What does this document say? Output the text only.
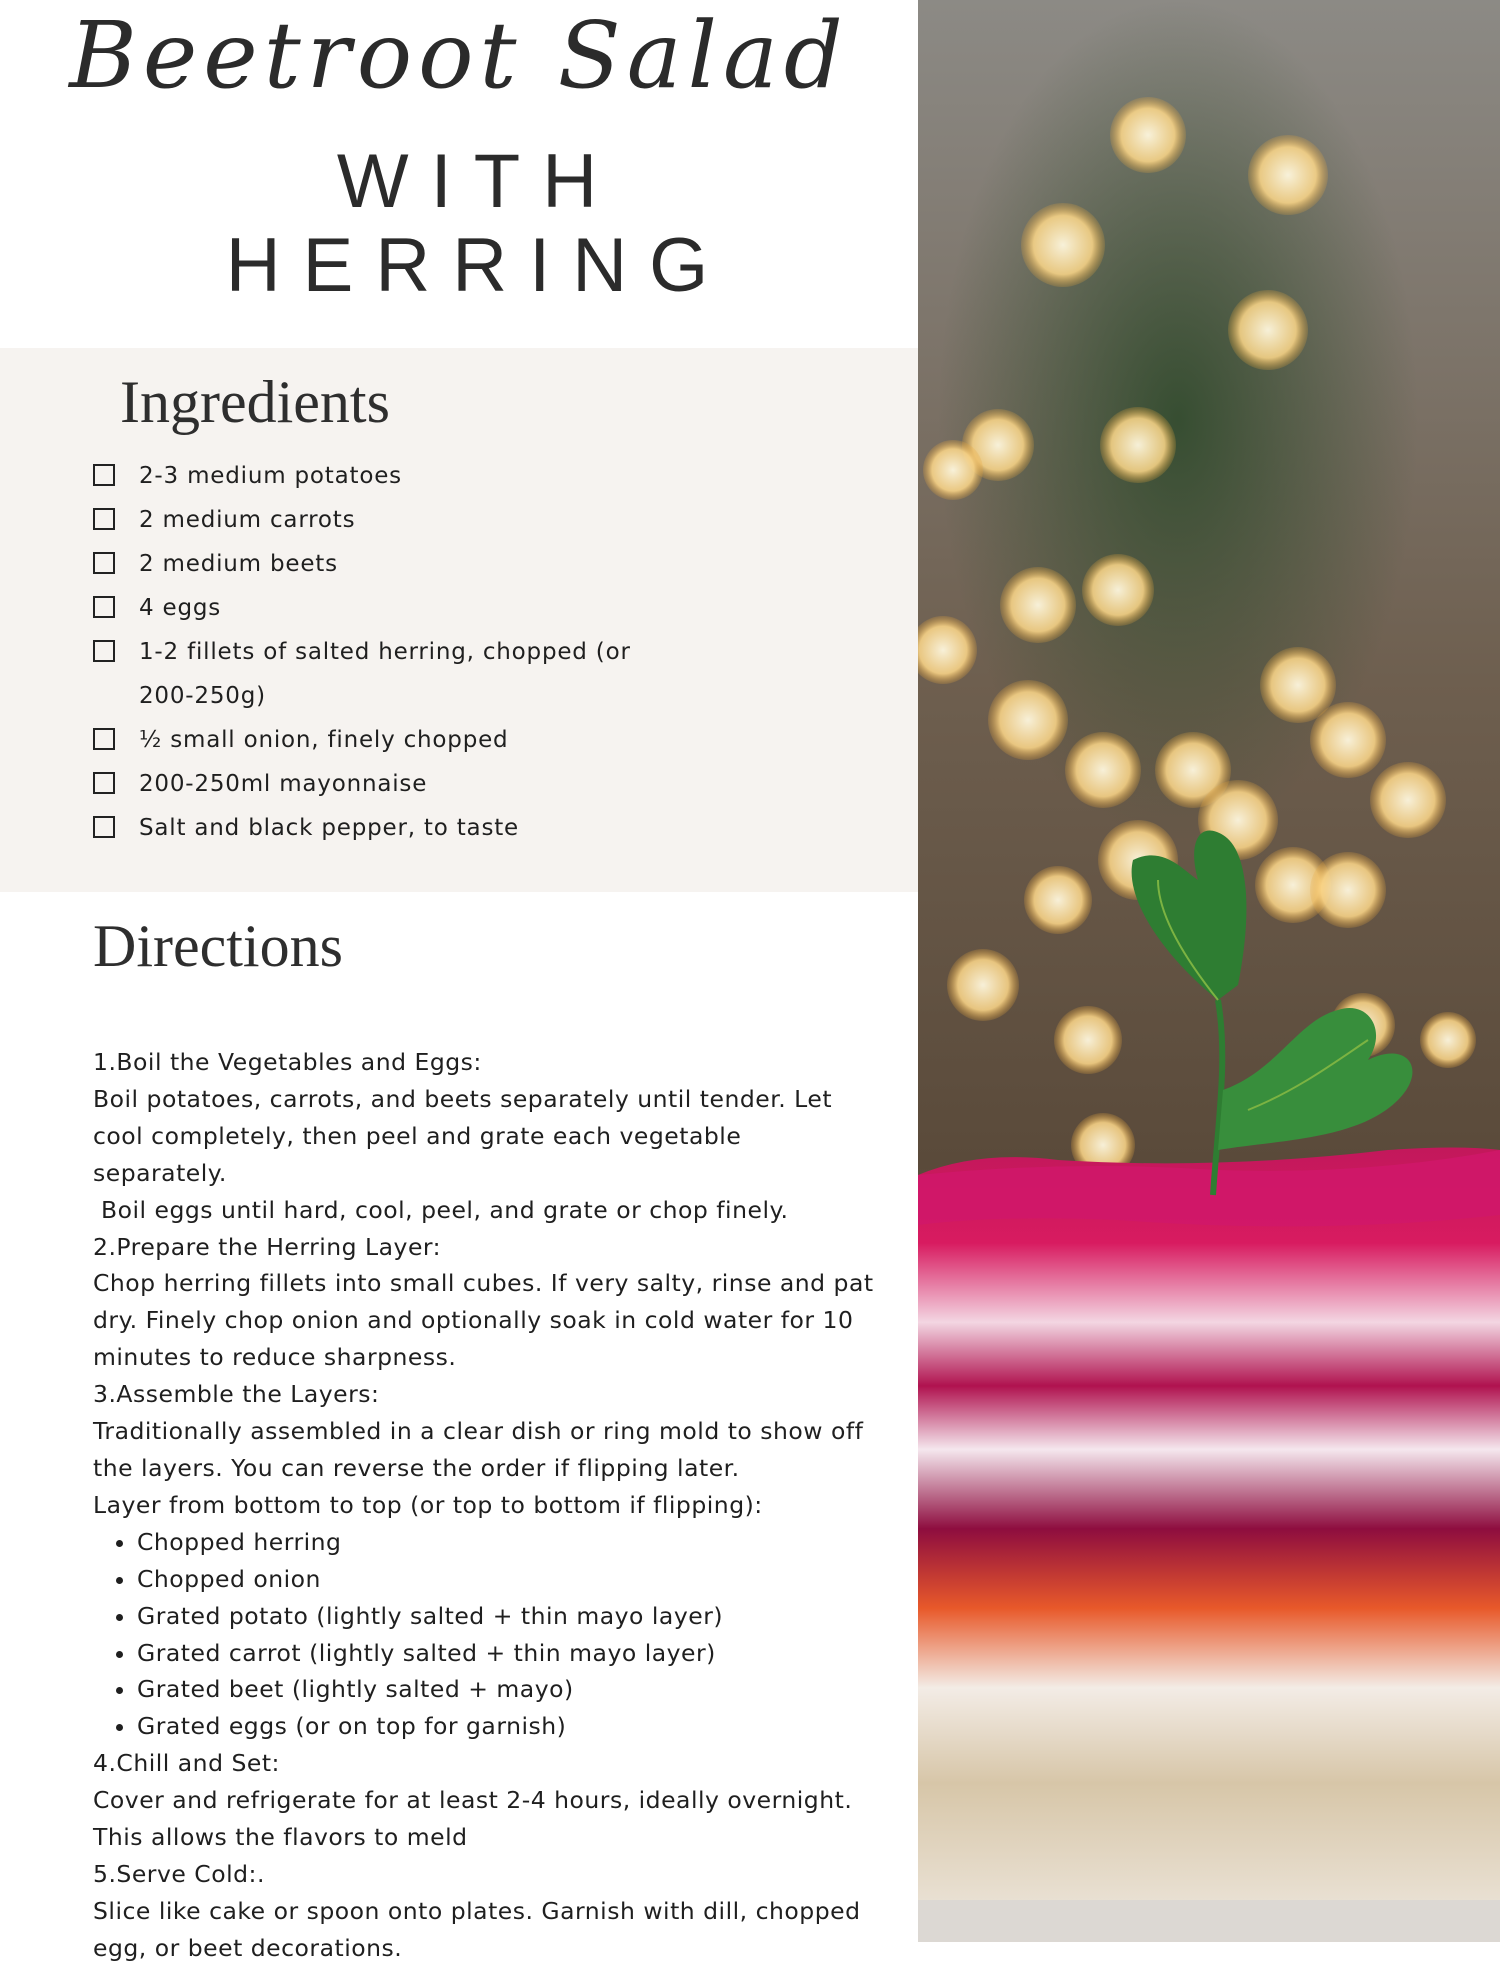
Beetroot Salad
WITH
HERRING
Ingredients
2-3 medium potatoes
2 medium carrots
2 medium beets
4 eggs
1-2 fillets of salted herring, chopped (or
200-250g)
½ small onion, finely chopped
200-250ml mayonnaise
Salt and black pepper, to taste
Directions

1.Boil the Vegetables and Eggs:

Boil potatoes, carrots, and beets separately until tender. Let cool completely, then peel and grate each vegetable separately.

Boil eggs until hard, cool, peel, and grate or chop finely.

2.Prepare the Herring Layer:

Chop herring fillets into small cubes. If very salty, rinse and pat dry. Finely chop onion and optionally soak in cold water for 10 minutes to reduce sharpness.

3.Assemble the Layers:

Traditionally assembled in a clear dish or ring mold to show off the layers. You can reverse the order if flipping later.

Layer from bottom to top (or top to bottom if flipping):

• Chopped herring
• Chopped onion
• Grated potato (lightly salted + thin mayo layer)
• Grated carrot (lightly salted + thin mayo layer)
• Grated beet (lightly salted + mayo)
• Grated eggs (or on top for garnish)

4.Chill and Set:

Cover and refrigerate for at least 2-4 hours, ideally overnight. This allows the flavors to meld

5.Serve Cold:.

Slice like cake or spoon onto plates. Garnish with dill, chopped egg, or beet decorations.
